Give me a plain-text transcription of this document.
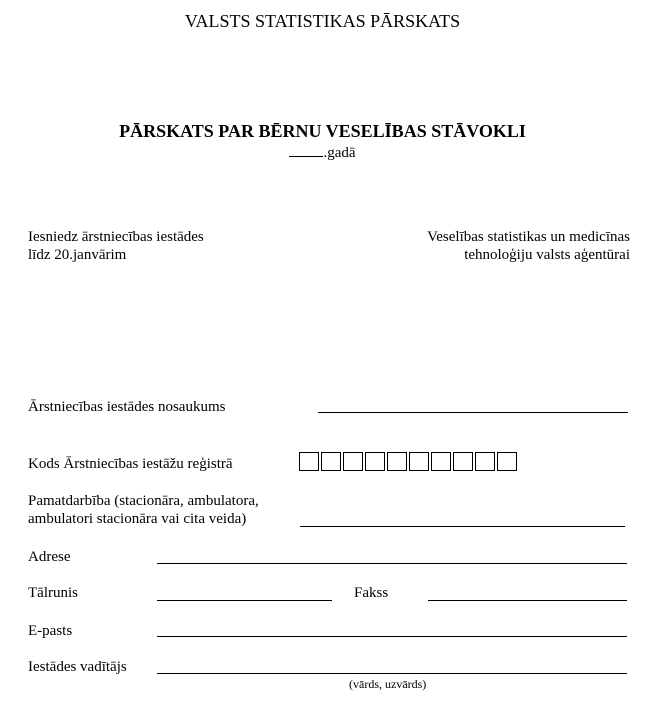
VALSTS STATISTIKAS PĀRSKATS
PĀRSKATS PAR BĒRNU VESELĪBAS STĀVOKLI
.gadā
Iesniedz ārstniecības iestādes
līdz 20.janvārim
Veselības statistikas un medicīnas
tehnoloģiju valsts aģentūrai
Ārstniecības iestādes nosaukums
Kods Ārstniecības iestāžu reģistrā
Pamatdarbība (stacionāra, ambulatora,
ambulatori stacionāra vai cita veida)
Adrese
Tālrunis	Fakss
E-pasts
Iestādes vadītājs
(vārds, uzvārds)
